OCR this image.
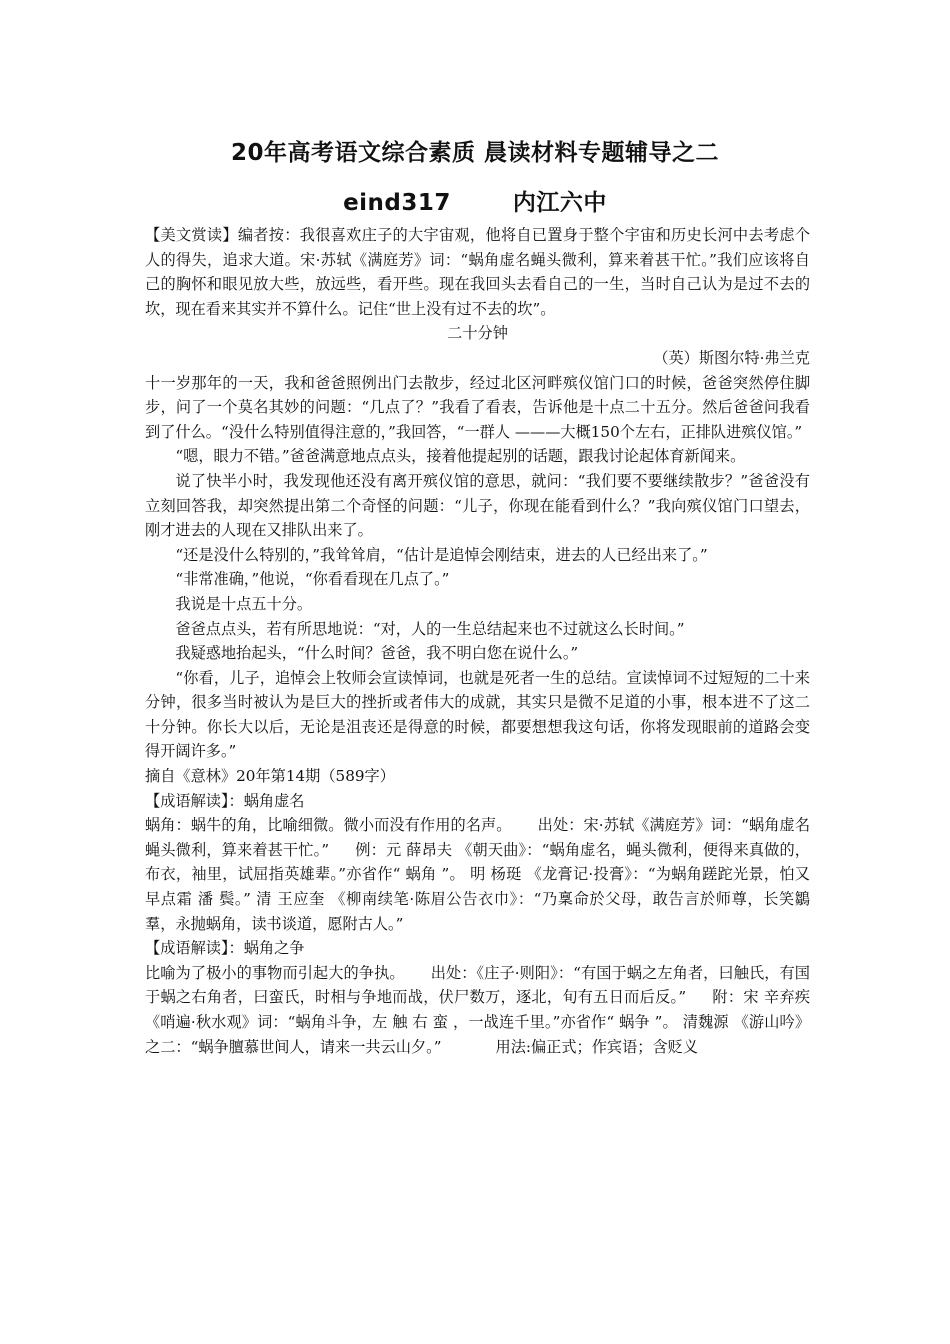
20年高考语文综合素质 晨读材料专题辅导之二
eind317	内江六中

【美文赏读】编者按：我很喜欢庄子的大宇宙观，他将自已置身于整个宇宙和历史长河中去考虑个人的得失，追求大道。宋·苏轼《满庭芳》词：“蜗角虚名蝇头微利，算来着甚干忙。”我们应该将自己的胸怀和眼见放大些，放远些，看开些。现在我回头去看自己的一生，当时自己认为是过不去的坎，现在看来其实并不算什么。记住“世上没有过不去的坎”。

二十分钟

（英）斯图尔特·弗兰克

十一岁那年的一天，我和爸爸照例出门去散步，经过北区河畔殡仪馆门口的时候，爸爸突然停住脚步，问了一个莫名其妙的问题：“几点了？”我看了看表，告诉他是十点二十五分。然后爸爸问我看到了什么。“没什么特别值得注意的，”我回答，“一群人 ———大概150个左右，正排队进殡仪馆。”

“嗯，眼力不错。”爸爸满意地点点头，接着他提起别的话题，跟我讨论起体育新闻来。

说了快半小时，我发现他还没有离开殡仪馆的意思，就问：“我们要不要继续散步？”爸爸没有立刻回答我，却突然提出第二个奇怪的问题：“儿子，你现在能看到什么？”我向殡仪馆门口望去，刚才进去的人现在又排队出来了。

“还是没什么特别的，”我耸耸肩，“估计是追悼会刚结束，进去的人已经出来了。”

“非常准确，”他说，“你看看现在几点了。”

我说是十点五十分。

爸爸点点头，若有所思地说：“对，人的一生总结起来也不过就这么长时间。”

我疑惑地抬起头，“什么时间？爸爸，我不明白您在说什么。”

“你看，儿子，追悼会上牧师会宣读悼词，也就是死者一生的总结。宣读悼词不过短短的二十来分钟，很多当时被认为是巨大的挫折或者伟大的成就，其实只是微不足道的小事，根本进不了这二十分钟。你长大以后，无论是沮丧还是得意的时候，都要想想我这句话，你将发现眼前的道路会变得开阔许多。”

摘自《意林》20年第14期（589字）

【成语解读】：蜗角虚名

蜗角：蜗牛的角，比喻细微。微小而没有作用的名声。 出处：宋·苏轼《满庭芳》词：“蜗角虚名蝇头微利，算来着甚干忙。” 例：元 薛昂夫 《朝天曲》：“蜗角虚名，蝇头微利，便得来真做的，布衣，袖里，试屈指英雄辈。”亦省作“ 蜗角 ”。 明 杨珽 《龙膏记·投膏》：“为蜗角蹉跎光景，怕又早点霜 潘 鬓。” 清 王应奎 《柳南续笔·陈眉公告衣巾》：“乃稟命於父母，敢告言於师尊，长笑鶵羣，永抛蜗角，读书谈道，愿附古人。”

【成语解读】：蜗角之争

比喻为了极小的事物而引起大的争执。 出处：《庄子·则阳》：“有国于蜗之左角者，曰触氏，有国于蜗之右角者，曰蛮氏，时相与争地而战，伏尸数万，逐北，旬有五日而后反。” 附：宋 辛弃疾 《哨遍·秋水观》词：“蜗角斗争，左 触 右 蛮 ，一战连千里。”亦省作“ 蜗争 ”。 清魏源 《游山吟》之二：“蜗争膻慕世间人，请来一共云山夕。”	用法:偏正式；作宾语；含贬义
